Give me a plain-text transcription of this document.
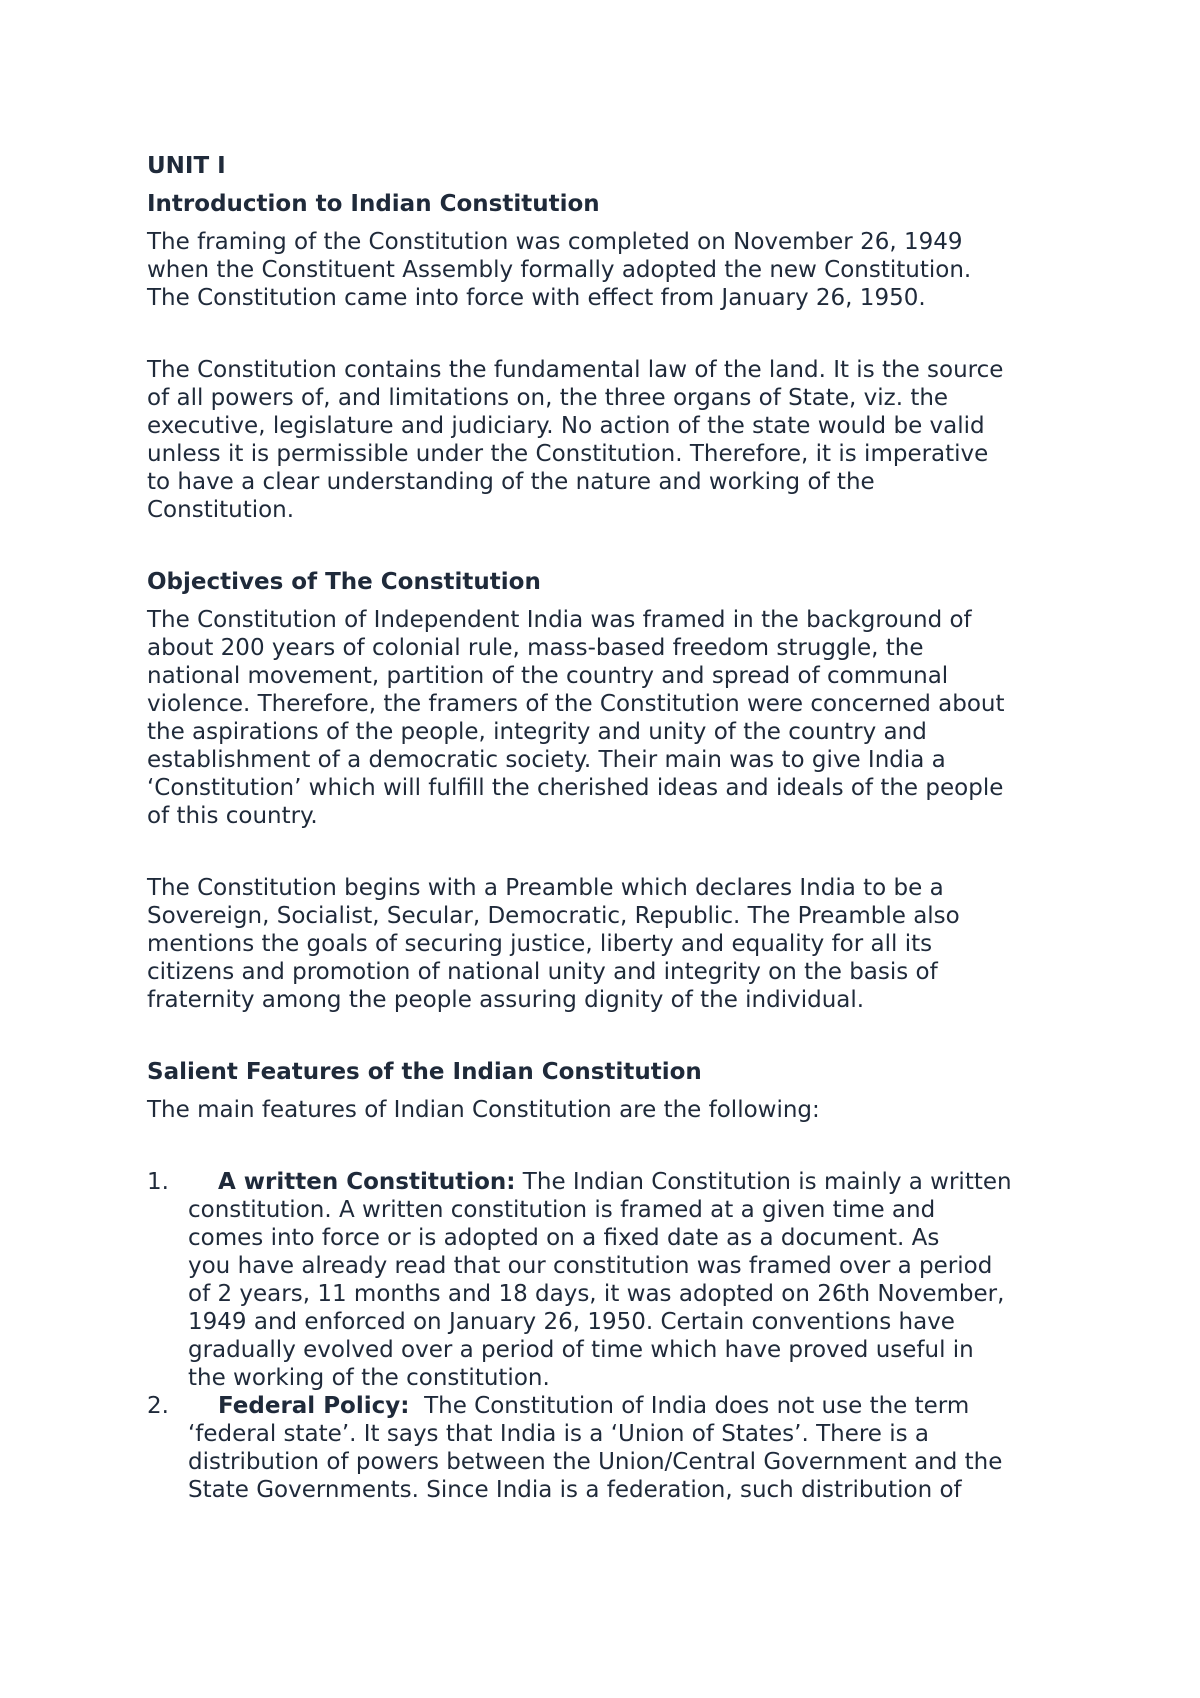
UNIT I
Introduction to Indian Constitution
The framing of the Constitution was completed on November 26, 1949
when the Constituent Assembly formally adopted the new Constitution.
The Constitution came into force with effect from January 26, 1950.
The Constitution contains the fundamental law of the land. It is the source
of all powers of, and limitations on, the three organs of State, viz. the
executive, legislature and judiciary. No action of the state would be valid
unless it is permissible under the Constitution. Therefore, it is imperative
to have a clear understanding of the nature and working of the
Constitution.
Objectives of The Constitution
The Constitution of Independent India was framed in the background of
about 200 years of colonial rule, mass-based freedom struggle, the
national movement, partition of the country and spread of communal
violence. Therefore, the framers of the Constitution were concerned about
the aspirations of the people, integrity and unity of the country and
establishment of a democratic society. Their main was to give India a
‘Constitution’ which will fulfill the cherished ideas and ideals of the people
of this country.
The Constitution begins with a Preamble which declares India to be a
Sovereign, Socialist, Secular, Democratic, Republic. The Preamble also
mentions the goals of securing justice, liberty and equality for all its
citizens and promotion of national unity and integrity on the basis of
fraternity among the people assuring dignity of the individual.
Salient Features of the Indian Constitution
The main features of Indian Constitution are the following:
1.	A written Constitution: The Indian Constitution is mainly a written
constitution. A written constitution is framed at a given time and
comes into force or is adopted on a fixed date as a document. As
you have already read that our constitution was framed over a period
of 2 years, 11 months and 18 days, it was adopted on 26th November,
1949 and enforced on January 26, 1950. Certain conventions have
gradually evolved over a period of time which have proved useful in
the working of the constitution.
2.	Federal Policy:  The Constitution of India does not use the term
‘federal state’. It says that India is a ‘Union of States’. There is a
distribution of powers between the Union/Central Government and the
State Governments. Since India is a federation, such distribution of
